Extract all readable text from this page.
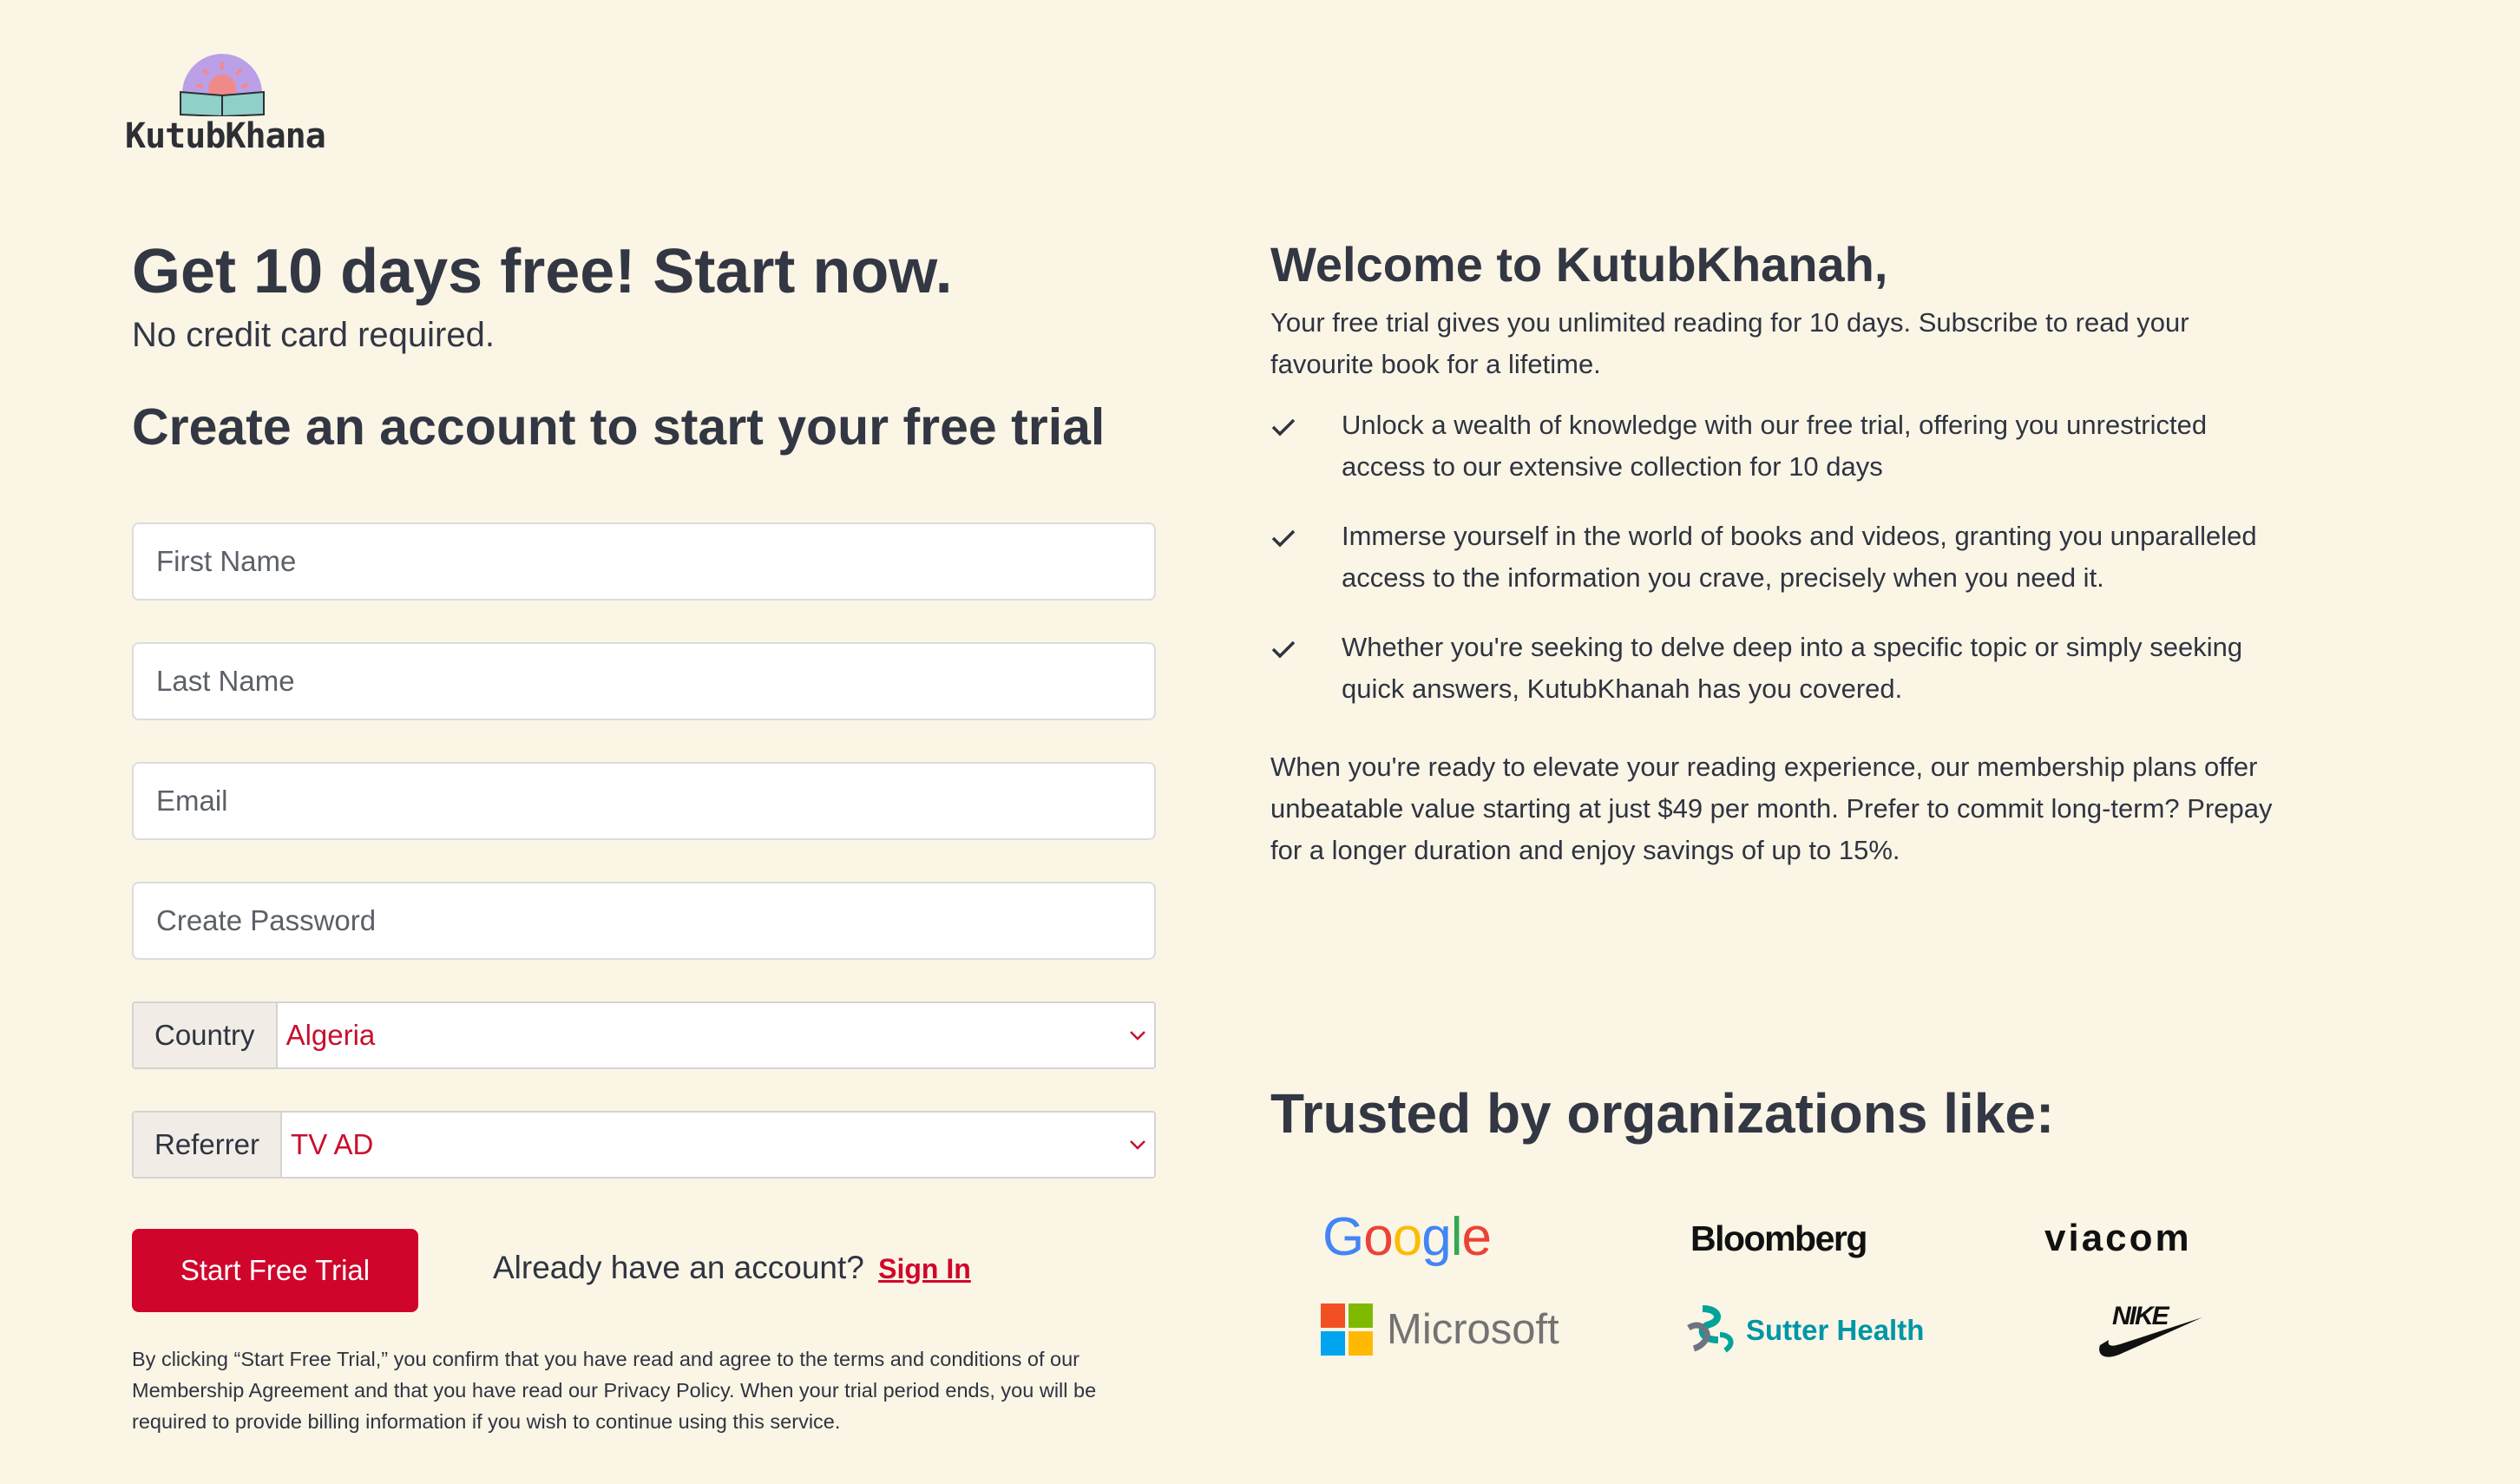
KutubKhana
Get 10 days free! Start now.

No credit card required.

Create an account to start your free trial
First Name
Last Name
Email
Country	Algeria
Referrer	TV AD
Start Free Trial	Already have an account? Sign In

By clicking “Start Free Trial,” you confirm that you have read and agree to the terms and conditions of our Membership Agreement and that you have read our Privacy Policy. When your trial period ends, you will be required to provide billing information if you wish to continue using this service.

Welcome to KutubKhanah,

Your free trial gives you unlimited reading for 10 days. Subscribe to read your favourite book for a lifetime.

Unlock a wealth of knowledge with our free trial, offering you unrestricted access to our extensive collection for 10 days
Immerse yourself in the world of books and videos, granting you unparalleled access to the information you crave, precisely when you need it.
Whether you're seeking to delve deep into a specific topic or simply seeking quick answers, KutubKhanah has you covered.

When you're ready to elevate your reading experience, our membership plans offer unbeatable value starting at just $49 per month. Prefer to commit long-term? Prepay for a longer duration and enjoy savings of up to 15%.

Trusted by organizations like:
Google	Bloomberg	viacom
Microsoft	Sutter Health	NIKE
